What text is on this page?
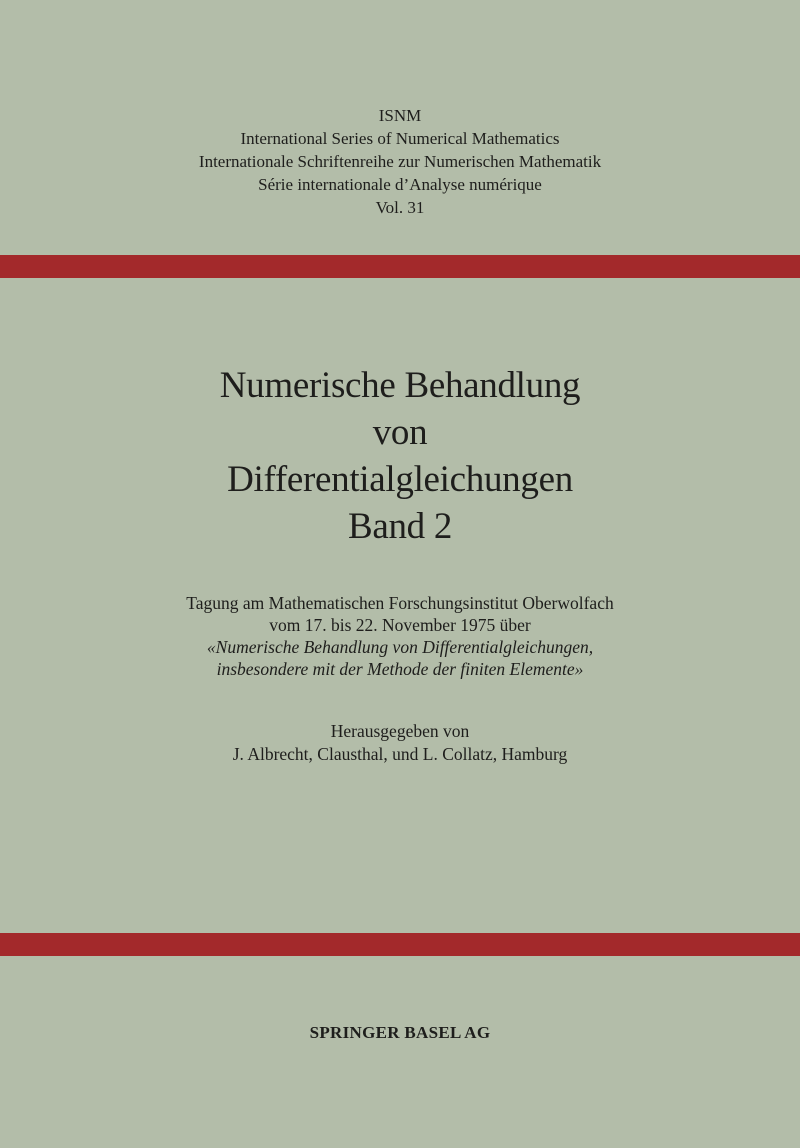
ISNM
International Series of Numerical Mathematics
Internationale Schriftenreihe zur Numerischen Mathematik
Série internationale d’Analyse numérique
Vol. 31
Numerische Behandlung
von
Differentialgleichungen
Band 2
Tagung am Mathematischen Forschungsinstitut Oberwolfach
vom 17. bis 22. November 1975 über
«Numerische Behandlung von Differentialgleichungen,
insbesondere mit der Methode der finiten Elemente»
Herausgegeben von
J. Albrecht, Clausthal, und L. Collatz, Hamburg
SPRINGER BASEL AG
